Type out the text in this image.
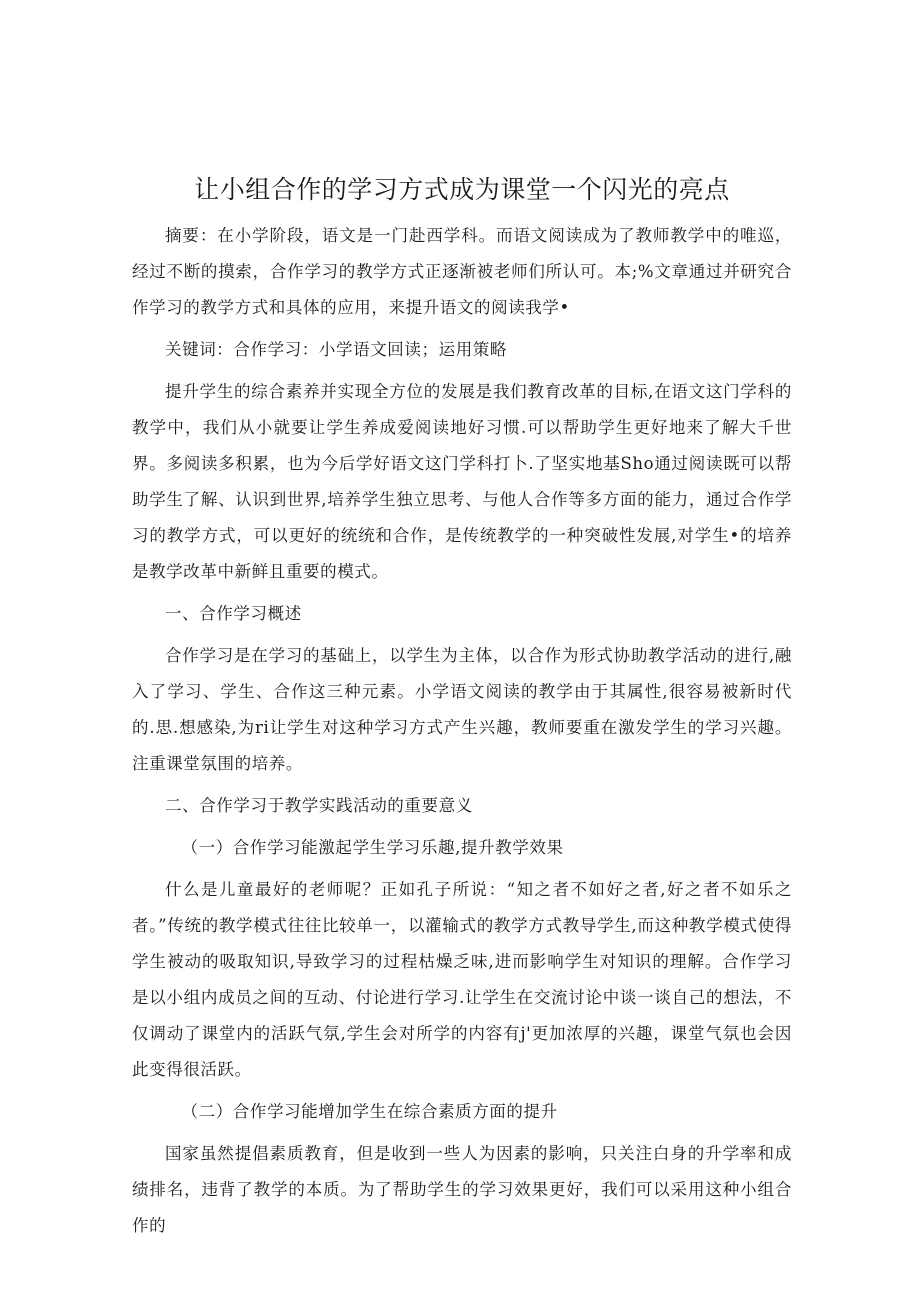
让小组合作的学习方式成为课堂一个闪光的亮点

摘要：在小学阶段，语文是一门赴西学科。而语文阅读成为了教师教学中的唯巡，经过不断的摸索，合作学习的教学方式正逐渐被老师们所认可。本;%文章通过并研究合作学习的教学方式和具体的应用，来提升语文的阅读我学•

关键词：合作学习：小学语文回读；运用策略

提升学生的综合素养并实现全方位的发展是我们教育改革的目标,在语文这门学科的教学中，我们从小就要让学生养成爱阅读地好习惯.可以帮助学生更好地来了解大千世界。多阅读多积累，也为今后学好语文这门学科打卜.了坚实地基Sho通过阅读既可以帮助学生了解、认识到世界,培养学生独立思考、与他人合作等多方面的能力，通过合作学习的教学方式，可以更好的统统和合作，是传统教学的一种突破性发展,对学生•的培养是教学改革中新鲜且重要的模式。

一、合作学习概述

合作学习是在学习的基础上，以学生为主体，以合作为形式协助教学活动的进行,融入了学习、学生、合作这三种元素。小学语文阅读的教学由于其属性,很容易被新时代的.思.想感染,为ri让学生对这种学习方式产生兴趣，教师要重在激发学生的学习兴趣。注重课堂氛围的培养。

二、合作学习于教学实践活动的重要意义

（一）合作学习能激起学生学习乐趣,提升教学效果

什么是儿童最好的老师呢？正如孔子所说：“知之者不如好之者,好之者不如乐之者。”传统的教学模式往往比较单一，以灌输式的教学方式教导学生,而这种教学模式使得学生被动的吸取知识,导致学习的过程枯燥乏味,进而影响学生对知识的理解。合作学习是以小组内成员之间的互动、付论进行学习.让学生在交流讨论中谈一谈自己的想法，不仅调动了课堂内的活跃气氛,学生会对所学的内容有j'更加浓厚的兴趣，课堂气氛也会因此变得很活跃。

（二）合作学习能增加学生在综合素质方面的提升

国家虽然提倡素质教育，但是收到一些人为因素的影响，只关注白身的升学率和成绩排名，违背了教学的本质。为了帮助学生的学习效果更好，我们可以采用这种小组合作的
